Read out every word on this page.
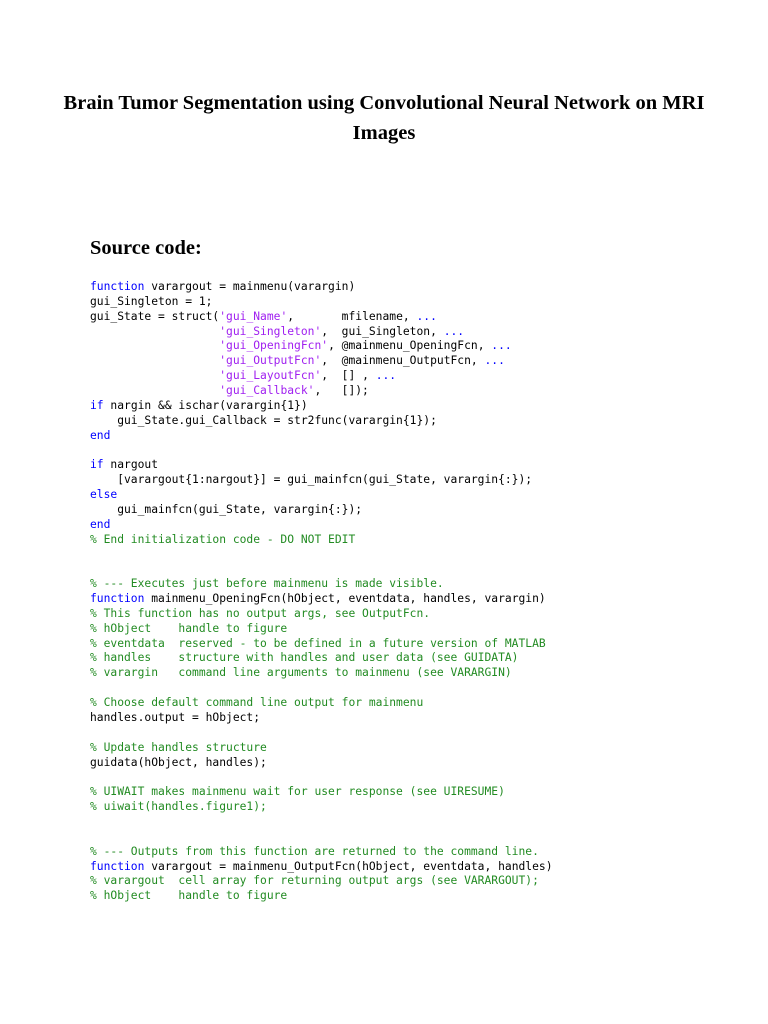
Brain Tumor Segmentation using Convolutional Neural Network on MRI Images
Source code:
function varargout = mainmenu(varargin)
gui_Singleton = 1;
gui_State = struct('gui_Name',       mfilename, ...
'gui_Singleton',  gui_Singleton, ...
'gui_OpeningFcn', @mainmenu_OpeningFcn, ...
'gui_OutputFcn',  @mainmenu_OutputFcn, ...
'gui_LayoutFcn',  [] , ...
'gui_Callback',   []);
if nargin && ischar(varargin{1})
gui_State.gui_Callback = str2func(varargin{1});
end
if nargout
[varargout{1:nargout}] = gui_mainfcn(gui_State, varargin{:});
else
gui_mainfcn(gui_State, varargin{:});
end
% End initialization code - DO NOT EDIT
% --- Executes just before mainmenu is made visible.
function mainmenu_OpeningFcn(hObject, eventdata, handles, varargin)
% This function has no output args, see OutputFcn.
% hObject    handle to figure
% eventdata  reserved - to be defined in a future version of MATLAB
% handles    structure with handles and user data (see GUIDATA)
% varargin   command line arguments to mainmenu (see VARARGIN)
% Choose default command line output for mainmenu
handles.output = hObject;
% Update handles structure
guidata(hObject, handles);
% UIWAIT makes mainmenu wait for user response (see UIRESUME)
% uiwait(handles.figure1);
% --- Outputs from this function are returned to the command line.
function varargout = mainmenu_OutputFcn(hObject, eventdata, handles)
% varargout  cell array for returning output args (see VARARGOUT);
% hObject    handle to figure
